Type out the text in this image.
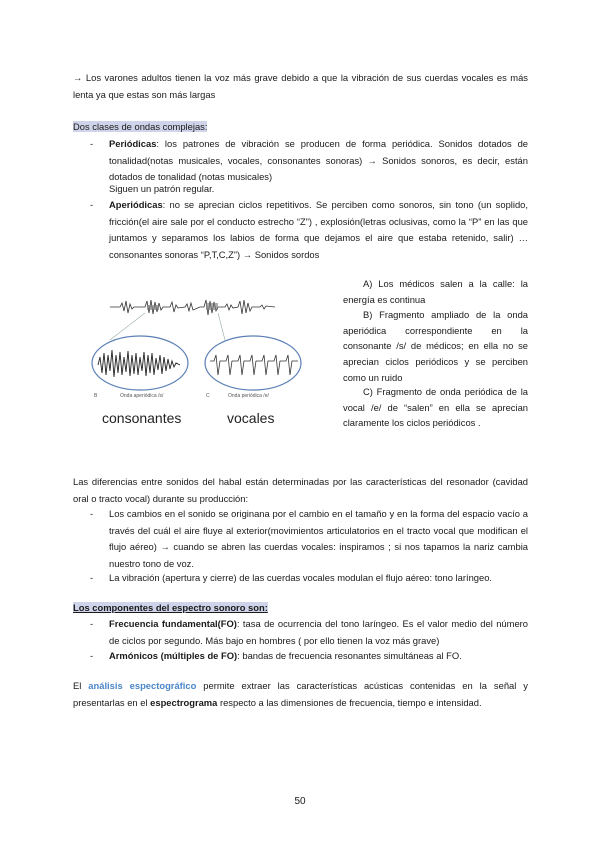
→ Los varones adultos tienen la voz más grave debido a que la vibración de sus cuerdas vocales es más lenta ya que estas son más largas
Dos clases de ondas complejas:
-	Periódicas: los patrones de vibración se producen de forma periódica. Sonidos dotados de tonalidad(notas musicales, vocales, consonantes sonoras) → Sonidos sonoros, es decir, están dotados de tonalidad (notas musicales)
Siguen un patrón regular.
-	Aperiódicas: no se aprecian ciclos repetitivos. Se perciben como sonoros, sin tono (un soplido, fricción(el aire sale por el conducto estrecho “Z”) , explosión(letras oclusivas, como la “P” en las que juntamos y separamos los labios de forma que dejamos el aire que estaba retenido, salir) … consonantes sonoras “P,T,C,Z”) → Sonidos sordos
B	Onda aperiódica /s/	C	Onda periódica /e/
consonantes	vocales
A) Los médicos salen a la calle: la energía es continua
B) Fragmento ampliado de la onda aperiódica correspondiente en la consonante /s/ de médicos; en ella no se aprecian ciclos periódicos y se perciben como un ruido
C) Fragmento de onda periódica de la vocal /e/ de “salen” en ella se aprecian claramente los ciclos periódicos .
Las diferencias entre sonidos del habal están determinadas por las características del resonador (cavidad oral o tracto vocal) durante su producción:
-	Los cambios en el sonido se originana por el cambio en el tamaño y en la forma del espacio vacío a través del cuál el aire fluye al exterior(movimientos articulatorios en el tracto vocal que modifican el flujo aéreo) → cuando se abren las cuerdas vocales: inspiramos ; si nos tapamos la nariz cambia nuestro tono de voz.
-	La vibración (apertura y cierre) de las cuerdas vocales modulan el flujo aéreo: tono laríngeo.
Los componentes del espectro sonoro son:
-	Frecuencia fundamental(FO): tasa de ocurrencia del tono laríngeo. Es el valor medio del número de ciclos por segundo. Más bajo en hombres ( por ello tienen la voz más grave)
-	Armónicos (múltiples de FO): bandas de frecuencia resonantes simultáneas al FO.
El análisis espectográfico permite extraer las características acústicas contenidas en la señal y presentarlas en el espectrograma respecto a las dimensiones de frecuencia, tiempo e intensidad.
50
